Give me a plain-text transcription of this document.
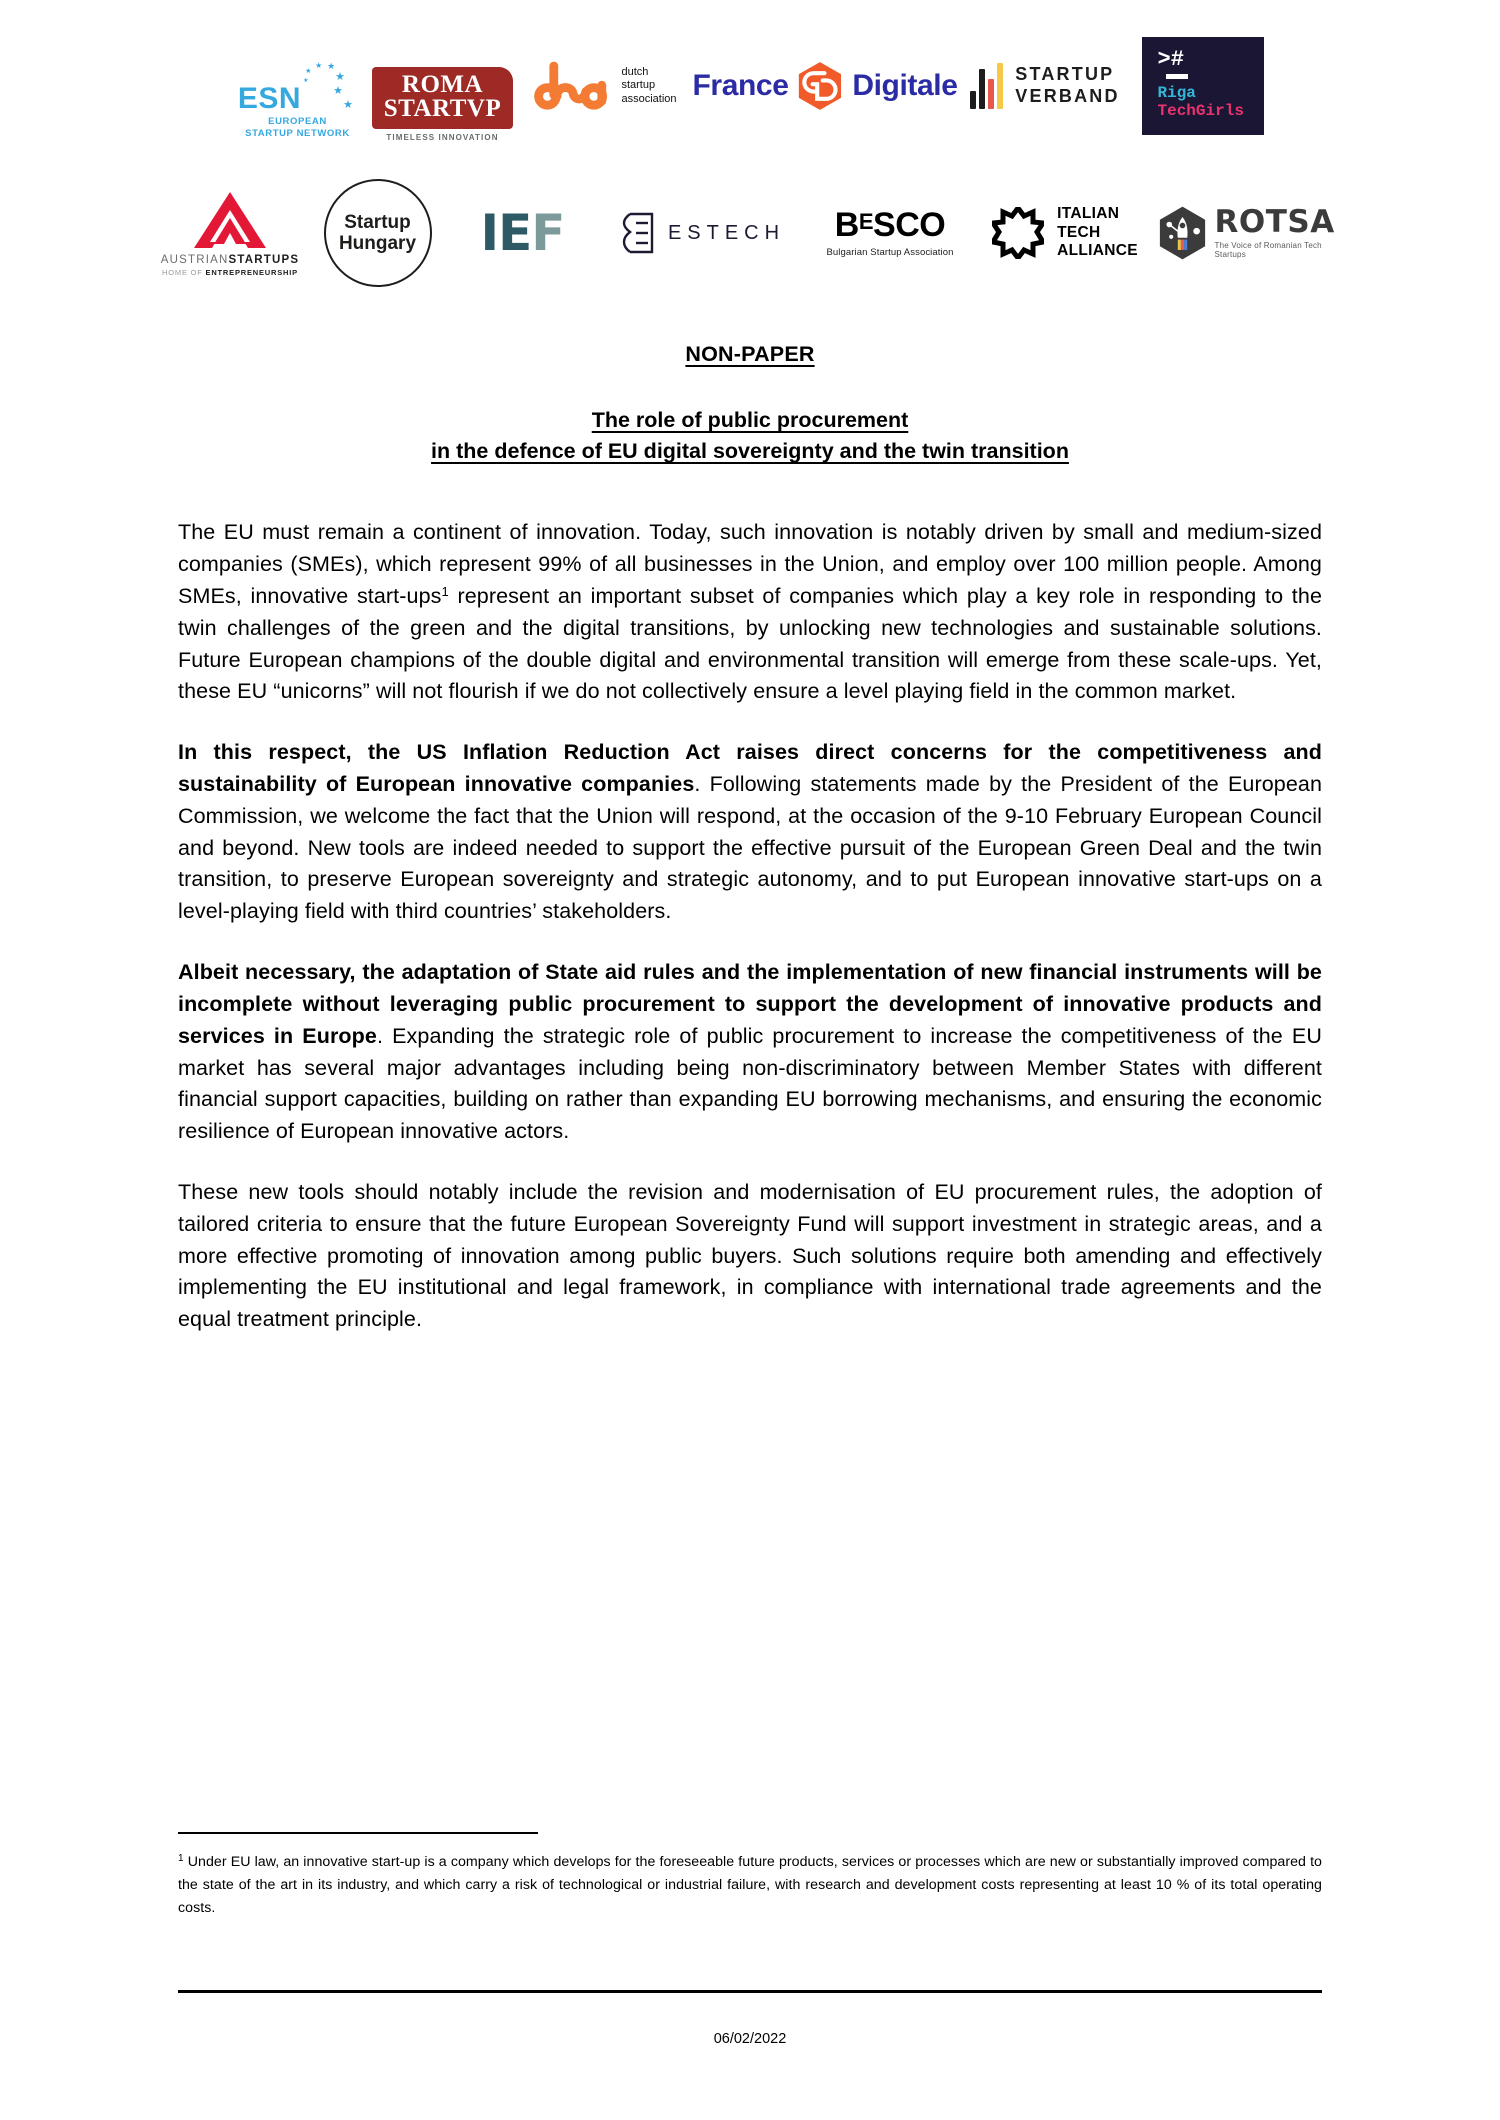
ESN	★
★
★
★
★
★
★
EUROPEAN
STARTUP NETWORK
ROMA
STARTVP
TIMELESS INNOVATION
dutch
startup
association France Digitale	STARTUP
VERBAND
>#
Riga
TechGirls
AUSTRIANSTARTUPS
HOME OF ENTREPRENEURSHIP
Startup
Hungary IEF	ESTECH $B^ESCO$
Bulgarian Startup Association
ITALIAN
TECH
ALLIANCE
ROTSA
The Voice of Romanian Tech Startups
NON-PAPER
The role of public procurement
in the defence of EU digital sovereignty and the twin transition

The EU must remain a continent of innovation. Today, such innovation is notably driven by small and medium-sized companies (SMEs), which represent 99% of all businesses in the Union, and employ over 100 million people. Among SMEs, innovative start-ups$^1$ represent an important subset of companies which play a key role in responding to the twin challenges of the green and the digital transitions, by unlocking new technologies and sustainable solutions. Future European champions of the double digital and environmental transition will emerge from these scale-ups. Yet, these EU “unicorns” will not flourish if we do not collectively ensure a level playing field in the common market.

In this respect, the US Inflation Reduction Act raises direct concerns for the competitiveness and sustainability of European innovative companies. Following statements made by the President of the European Commission, we welcome the fact that the Union will respond, at the occasion of the 9-10 February European Council and beyond. New tools are indeed needed to support the effective pursuit of the European Green Deal and the twin transition, to preserve European sovereignty and strategic autonomy, and to put European innovative start-ups on a level-playing field with third countries’ stakeholders.

Albeit necessary, the adaptation of State aid rules and the implementation of new financial instruments will be incomplete without leveraging public procurement to support the development of innovative products and services in Europe. Expanding the strategic role of public procurement to increase the competitiveness of the EU market has several major advantages including being non-discriminatory between Member States with different financial support capacities, building on rather than expanding EU borrowing mechanisms, and ensuring the economic resilience of European innovative actors.

These new tools should notably include the revision and modernisation of EU procurement rules, the adoption of tailored criteria to ensure that the future European Sovereignty Fund will support investment in strategic areas, and a more effective promoting of innovation among public buyers. Such solutions require both amending and effectively implementing the EU institutional and legal framework, in compliance with international trade agreements and the equal treatment principle.

$^1$ Under EU law, an innovative start-up is a company which develops for the foreseeable future products, services or processes which are new or substantially improved compared to the state of the art in its industry, and which carry a risk of technological or industrial failure, with research and development costs representing at least 10 % of its total operating costs.
06/02/2022
